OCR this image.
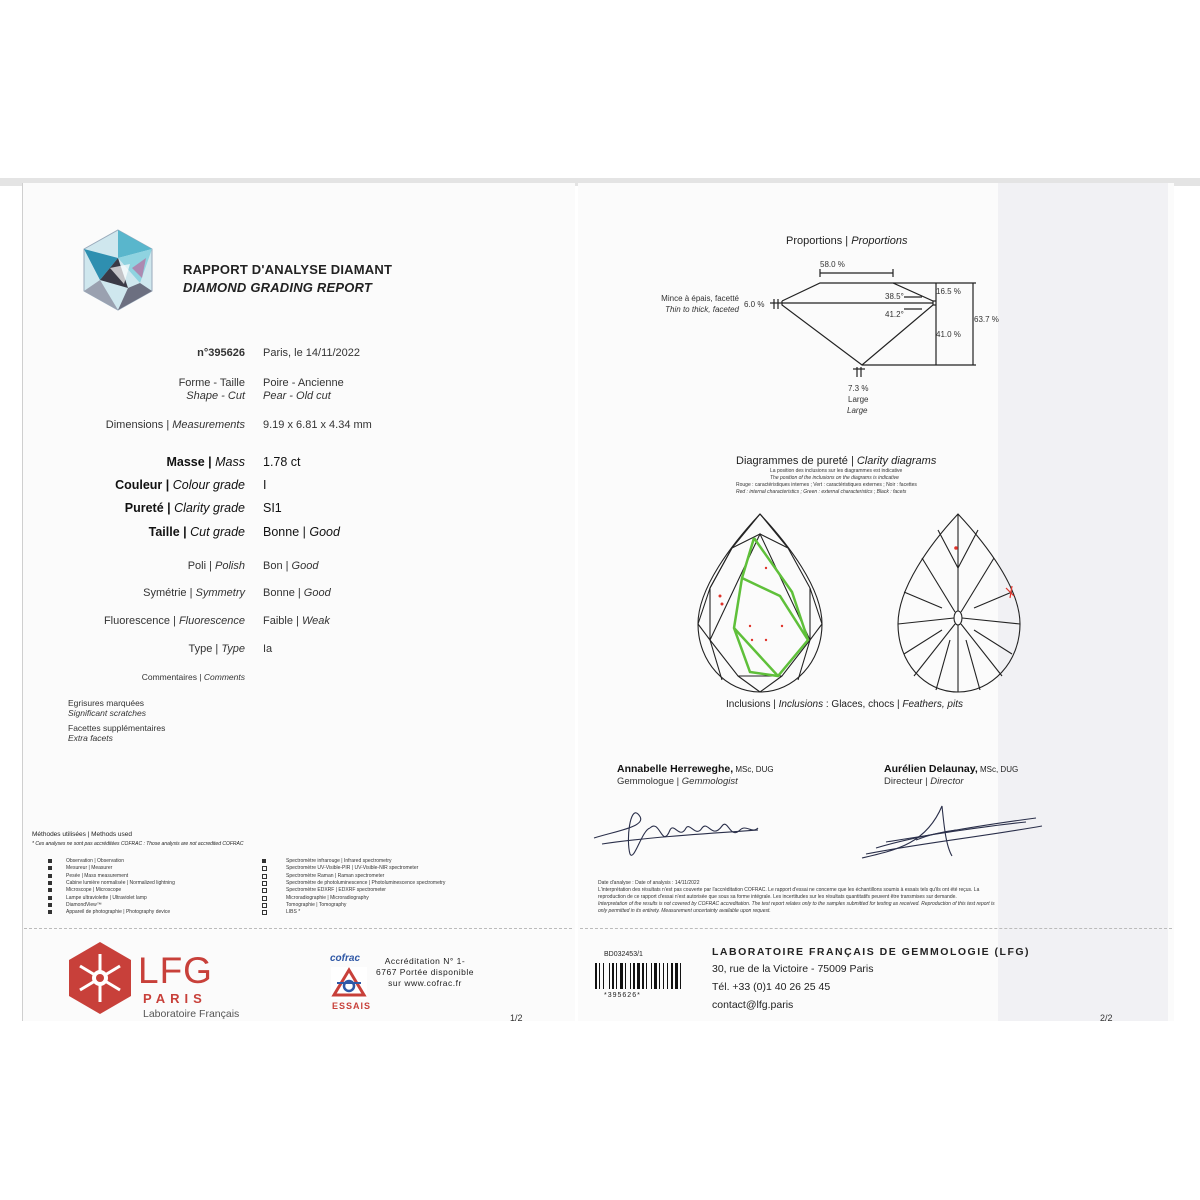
RAPPORT D'ANALYSE DIAMANT
DIAMOND GRADING REPORT
n°395626 Paris, le 14/11/2022
Forme - Taille
Shape - Cut
Poire - Ancienne
Pear - Old cut
Dimensions | Measurements 9.19 x 6.81 x 4.34 mm
Masse | Mass 1.78 ct
Couleur | Colour grade I
Pureté | Clarity grade SI1
Taille | Cut grade Bonne | Good
Poli | Polish Bon | Good
Symétrie | Symmetry Bonne | Good
Fluorescence | Fluorescence Faible | Weak
Type | Type Ia
Commentaires | Comments
Egrisures marquées
Significant scratches
Facettes supplémentaires
Extra facets
Méthodes utilisées | Methods used
* Ces analyses ne sont pas accréditées COFRAC : Those analysis are not accredited COFRAC
Observation | Observation
Mesureur | Measurer
Pesée | Mass measurement
Cabine lumière normalisée | Normalized lightning
Microscope | Microscope
Lampe ultraviolette | Ultraviolet lamp
DiamondView™
Appareil de photographie | Photography device
Spectromètre infrarouge | Infrared spectrometry
Spectromètre UV-Visible-PIR | UV-Visible-NIR spectrometer
Spectromètre Raman | Raman spectrometer
Spectromètre de photoluminescence | Photoluminescence spectrometry
Spectromètre EDXRF | EDXRF spectrometer
Microradiographie | Microradiography
Tomographie | Tomography
LIBS *
LFG
PARIS
Laboratoire Français
cofrac
ESSAIS
Accréditation N° 1-6767 Portée disponible sur www.cofrac.fr
1/2
Proportions | Proportions
58.0 %
Mince à épais, facetté
Thin to thick, faceted
6.0 %
38.5°
41.2°
16.5 %
41.0 %
63.7 %
7.3 %
Large
Large
Diagrammes de pureté | Clarity diagrams
La position des inclusions sur les diagrammes est indicative
The position of the inclusions on the diagrams is indicative
Rouge : caractéristiques internes ; Vert : caractéristiques externes ; Noir : facettes
Red : internal characteristics ; Green : external characteristics ; Black : facets
Inclusions | Inclusions : Glaces, chocs | Feathers, pits
Annabelle Herreweghe, MSc, DUG
Gemmologue | Gemmologist
Aurélien Delaunay, MSc, DUG
Directeur | Director
Date d'analyse : Date of analysis : 14/11/2022
L'interprétation des résultats n'est pas couverte par l'accréditation COFRAC. Le rapport d'essai ne concerne que les échantillons soumis à essais tels qu'ils ont été reçus. La
reproduction de ce rapport d'essai n'est autorisée que sous sa forme intégrale. Les incertitudes sur les résultats quantitatifs peuvent être transmises sur demande.
Interpretation of the results is not covered by COFRAC accreditation. The test report relates only to the samples submitted for testing as received. Reproduction of this test report is
only permitted in its entirety. Measurement uncertainty available upon request.
BD032453/1
*395626*
LABORATOIRE FRANÇAIS DE GEMMOLOGIE (LFG)
30, rue de la Victoire - 75009 Paris
Tél. +33 (0)1 40 26 25 45
contact@lfg.paris
2/2
